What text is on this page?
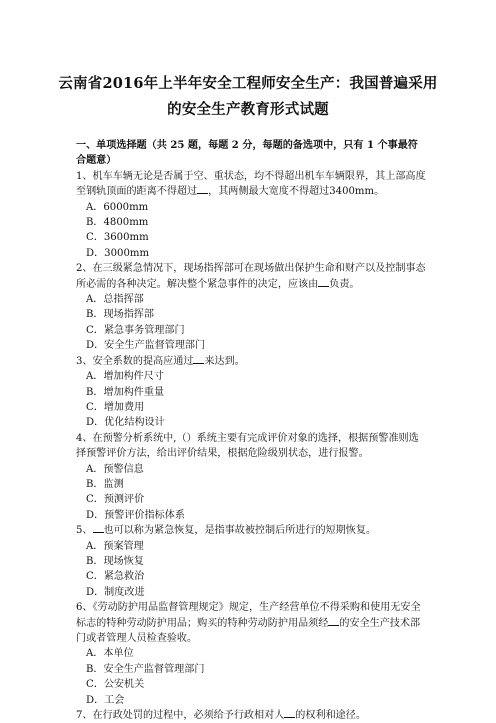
云南省2016年上半年安全工程师安全生产：我国普遍采用
的安全生产教育形式试题

一、单项选择题（共 25 题，每题 2 分，每题的备选项中，只有 1 个事最符合题意）

1、机车车辆无论是否属于空、重状态，均不得超出机车车辆限界，其上部高度至钢轨顶面的距离不得超过 ，其两侧最大宽度不得超过3400mm。

A．6000mm

B．4800mm

C．3600mm

D．3000mm

2、在三级紧急情况下，现场指挥部可在现场做出保护生命和财产以及控制事态所必需的各种决定。解决整个紧急事件的决定，应该由 负责。

A．总指挥部

B．现场指挥部

C．紧急事务管理部门

D．安全生产监督管理部门

3、安全系数的提高应通过 来达到。

A．增加构件尺寸

B．增加构件重量

C．增加费用

D．优化结构设计

4、在预警分析系统中,（）系统主要有完成评价对象的选择，根据预警准则选择预警评价方法，给出评价结果，根据危险级别状态，进行报警。

A．预警信息

B．监测

C．预测评价

D．预警评价指标体系

5、 也可以称为紧急恢复，是指事故被控制后所进行的短期恢复。

A．预案管理

B．现场恢复

C．紧急救治

D．制度改进

6、《劳动防护用品监督管理规定》规定，生产经营单位不得采购和使用无安全标志的特种劳动防护用品；购买的特种劳动防护用品须经 的安全生产技术部门或者管理人员检查验收。

A．本单位

B．安全生产监督管理部门

C．公安机关

D．工会

7、在行政处罚的过程中，必须给予行政相对人 的权利和途径。
